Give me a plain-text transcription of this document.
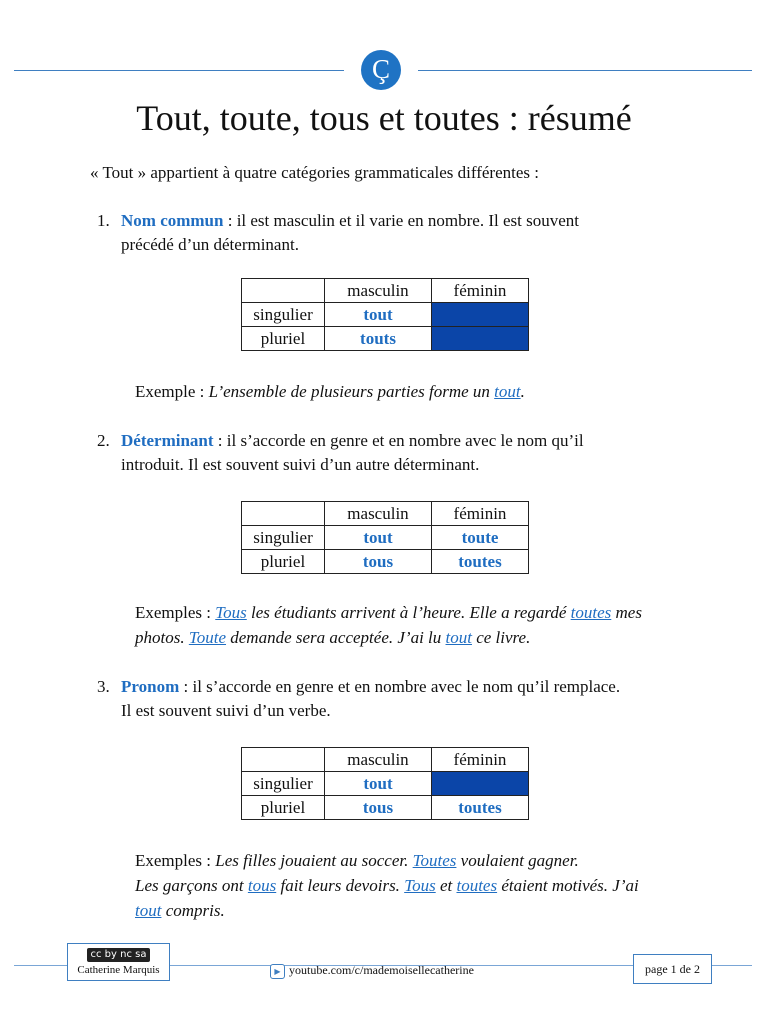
Ç
Tout, toute, tous et toutes : résumé
« Tout » appartient à quatre catégories grammaticales différentes :
1. Nom commun : il est masculin et il varie en nombre. Il est souvent
précédé d’un déterminant.
	masculin	féminin
singulier	tout	
pluriel	touts	
Exemple : L’ensemble de plusieurs parties forme un tout.
2. Déterminant : il s’accorde en genre et en nombre avec le nom qu’il
introduit. Il est souvent suivi d’un autre déterminant.
	masculin	féminin
singulier	tout	toute
pluriel	tous	toutes
Exemples : Tous les étudiants arrivent à l’heure. Elle a regardé toutes mes
photos. Toute demande sera acceptée. J’ai lu tout ce livre.
3. Pronom : il s’accorde en genre et en nombre avec le nom qu’il remplace.
Il est souvent suivi d’un verbe.
	masculin	féminin
singulier	tout	
pluriel	tous	toutes
Exemples : Les filles jouaient au soccer. Toutes voulaient gagner.
Les garçons ont tous fait leurs devoirs. Tous et toutes étaient motivés. J’ai
tout compris.
cc by nc sa
Catherine Marquis	▶ youtube.com/c/mademoisellecatherine	page 1 de 2
